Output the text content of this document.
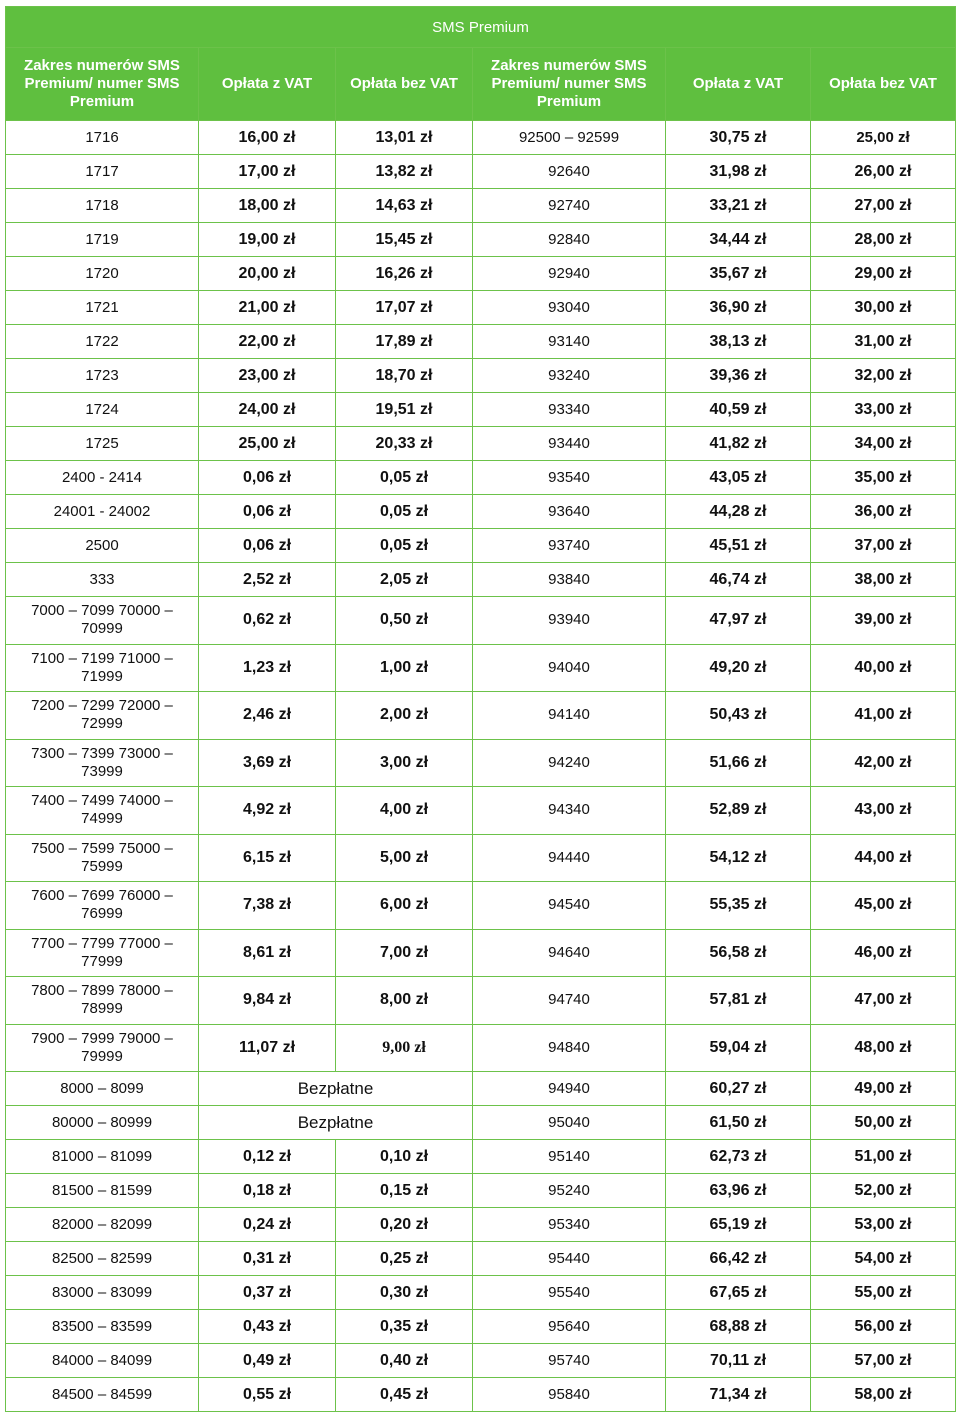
SMS Premium					
Zakres numerów SMS Premium/ numer SMS Premium	Opłata z VAT	Opłata bez VAT	Zakres numerów SMS Premium/ numer SMS Premium	Opłata z VAT	Opłata bez VAT
1716	16,00 zł	13,01 zł	92500 – 92599	30,75 zł	25,00 zł
1717	17,00 zł	13,82 zł	92640	31,98 zł	26,00 zł
1718	18,00 zł	14,63 zł	92740	33,21 zł	27,00 zł
1719	19,00 zł	15,45 zł	92840	34,44 zł	28,00 zł
1720	20,00 zł	16,26 zł	92940	35,67 zł	29,00 zł
1721	21,00 zł	17,07 zł	93040	36,90 zł	30,00 zł
1722	22,00 zł	17,89 zł	93140	38,13 zł	31,00 zł
1723	23,00 zł	18,70 zł	93240	39,36 zł	32,00 zł
1724	24,00 zł	19,51 zł	93340	40,59 zł	33,00 zł
1725	25,00 zł	20,33 zł	93440	41,82 zł	34,00 zł
2400 - 2414	0,06 zł	0,05 zł	93540	43,05 zł	35,00 zł
24001 - 24002	0,06 zł	0,05 zł	93640	44,28 zł	36,00 zł
2500	0,06 zł	0,05 zł	93740	45,51 zł	37,00 zł
333	2,52 zł	2,05 zł	93840	46,74 zł	38,00 zł
7000 – 7099 70000 – 70999	0,62 zł	0,50 zł	93940	47,97 zł	39,00 zł
7100 – 7199 71000 – 71999	1,23 zł	1,00 zł	94040	49,20 zł	40,00 zł
7200 – 7299 72000 – 72999	2,46 zł	2,00 zł	94140	50,43 zł	41,00 zł
7300 – 7399 73000 – 73999	3,69 zł	3,00 zł	94240	51,66 zł	42,00 zł
7400 – 7499 74000 – 74999	4,92 zł	4,00 zł	94340	52,89 zł	43,00 zł
7500 – 7599 75000 – 75999	6,15 zł	5,00 zł	94440	54,12 zł	44,00 zł
7600 – 7699 76000 – 76999	7,38 zł	6,00 zł	94540	55,35 zł	45,00 zł
7700 – 7799 77000 – 77999	8,61 zł	7,00 zł	94640	56,58 zł	46,00 zł
7800 – 7899 78000 – 78999	9,84 zł	8,00 zł	94740	57,81 zł	47,00 zł
7900 – 7999 79000 – 79999	11,07 zł	9,00 zł	94840	59,04 zł	48,00 zł
8000 – 8099	Bezpłatne		94940	60,27 zł	49,00 zł
80000 – 80999	Bezpłatne		95040	61,50 zł	50,00 zł
81000 – 81099	0,12 zł	0,10 zł	95140	62,73 zł	51,00 zł
81500 – 81599	0,18 zł	0,15 zł	95240	63,96 zł	52,00 zł
82000 – 82099	0,24 zł	0,20 zł	95340	65,19 zł	53,00 zł
82500 – 82599	0,31 zł	0,25 zł	95440	66,42 zł	54,00 zł
83000 – 83099	0,37 zł	0,30 zł	95540	67,65 zł	55,00 zł
83500 – 83599	0,43 zł	0,35 zł	95640	68,88 zł	56,00 zł
84000 – 84099	0,49 zł	0,40 zł	95740	70,11 zł	57,00 zł
84500 – 84599	0,55 zł	0,45 zł	95840	71,34 zł	58,00 zł
